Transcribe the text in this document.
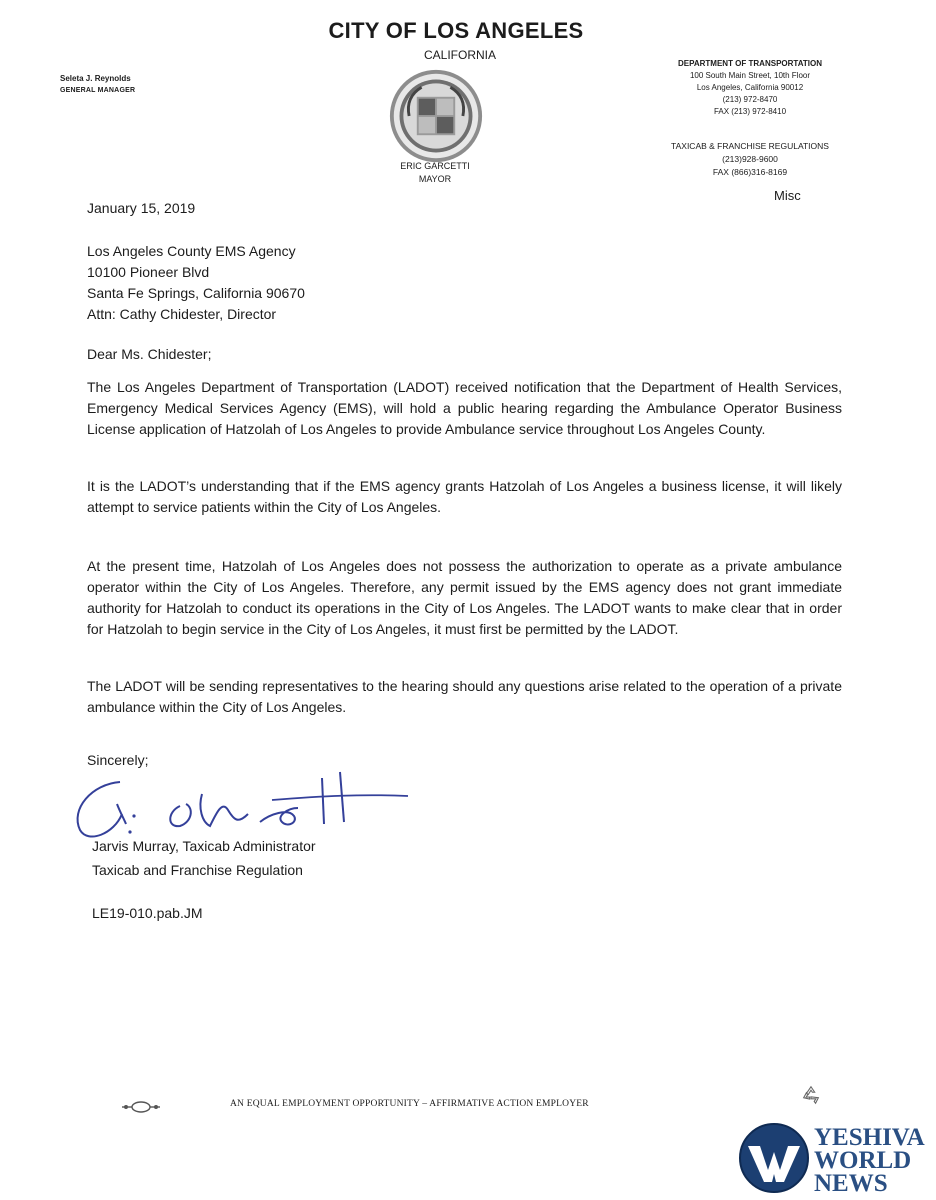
CITY OF LOS ANGELES
CALIFORNIA
ERIC GARCETTI
MAYOR
Seleta J. Reynolds
GENERAL MANAGER
DEPARTMENT OF TRANSPORTATION
100 South Main Street, 10th Floor
Los Angeles, California 90012
(213) 972-8470
FAX (213) 972-8410
TAXICAB & FRANCHISE REGULATIONS
(213)928-9600
FAX (866)316-8169
Misc
January 15, 2019
Los Angeles County EMS Agency
10100 Pioneer Blvd
Santa Fe Springs, California 90670
Attn: Cathy Chidester, Director
Dear Ms. Chidester;
The Los Angeles Department of Transportation (LADOT) received notification that the Department of Health Services, Emergency Medical Services Agency (EMS), will hold a public hearing regarding the Ambulance Operator Business License application of Hatzolah of Los Angeles to provide Ambulance service throughout Los Angeles County.
It is the LADOT’s understanding that if the EMS agency grants Hatzolah of Los Angeles a business license, it will likely attempt to service patients within the City of Los Angeles.
At the present time, Hatzolah of Los Angeles does not possess the authorization to operate as a private ambulance operator within the City of Los Angeles. Therefore, any permit issued by the EMS agency does not grant immediate authority for Hatzolah to conduct its operations in the City of Los Angeles. The LADOT wants to make clear that in order for Hatzolah to begin service in the City of Los Angeles, it must first be permitted by the LADOT.
The LADOT will be sending representatives to the hearing should any questions arise related to the operation of a private ambulance within the City of Los Angeles.
Sincerely;
Jarvis Murray, Taxicab Administrator
Taxicab and Franchise Regulation
LE19-010.pab.JM
AN EQUAL EMPLOYMENT OPPORTUNITY – AFFIRMATIVE ACTION EMPLOYER
YESHIVA
WORLD
NEWS
